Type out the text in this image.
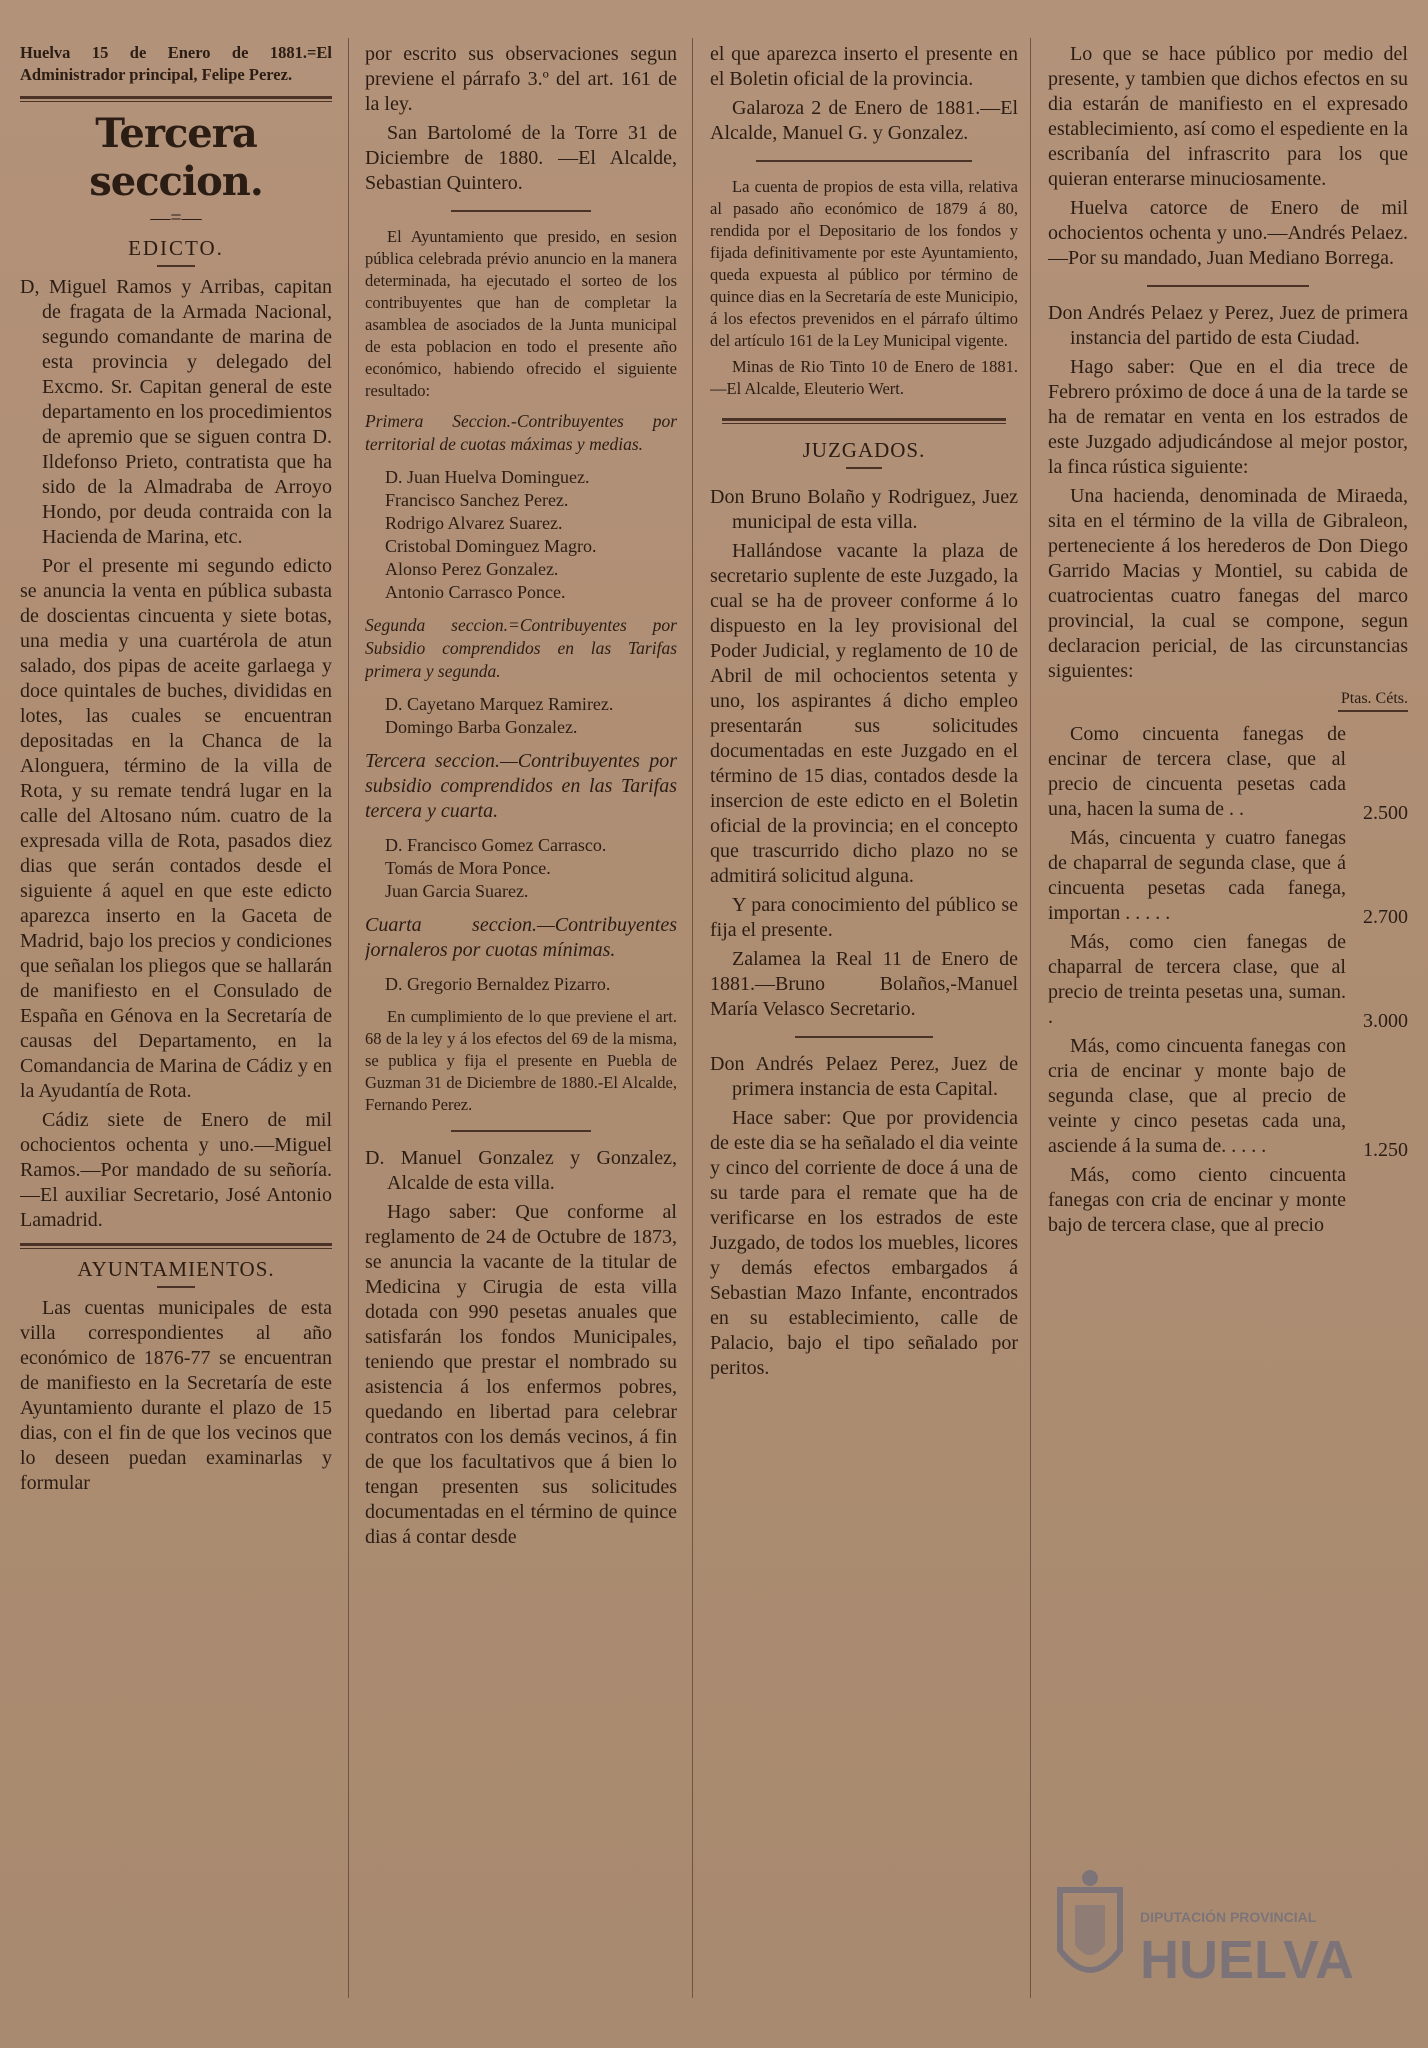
Huelva 15 de Enero de 1881.=El Administrador principal, Felipe Perez.

Tercera seccion.
—=—
EDICTO.

D, Miguel Ramos y Arribas, capitan de fragata de la Armada Nacional, segundo comandante de marina de esta provincia y delegado del Excmo. Sr. Capitan general de este departamento en los procedimientos de apremio que se siguen contra D. Ildefonso Prieto, contratista que ha sido de la Almadraba de Arroyo Hondo, por deuda contraida con la Hacienda de Marina, etc.

Por el presente mi segundo edicto se anuncia la venta en pública subasta de doscientas cincuenta y siete botas, una media y una cuartérola de atun salado, dos pipas de aceite garlaega y doce quintales de buches, divididas en lotes, las cuales se encuentran depositadas en la Chanca de la Alonguera, término de la villa de Rota, y su remate tendrá lugar en la calle del Altosano núm. cuatro de la expresada villa de Rota, pasados diez dias que serán contados desde el siguiente á aquel en que este edicto aparezca inserto en la Gaceta de Madrid, bajo los precios y condiciones que señalan los pliegos que se hallarán de manifiesto en el Consulado de España en Génova en la Secretaría de causas del Departamento, en la Comandancia de Marina de Cádiz y en la Ayudantía de Rota.

Cádiz siete de Enero de mil ochocientos ochenta y uno.—Miguel Ramos.—Por mandado de su señoría.—El auxiliar Secretario, José Antonio Lamadrid.

AYUNTAMIENTOS.

Las cuentas municipales de esta villa correspondientes al año económico de 1876-77 se encuentran de manifiesto en la Secretaría de este Ayuntamiento durante el plazo de 15 dias, con el fin de que los vecinos que lo deseen puedan examinarlas y formular

por escrito sus observaciones segun previene el párrafo 3.º del art. 161 de la ley.

San Bartolomé de la Torre 31 de Diciembre de 1880. —El Alcalde, Sebastian Quintero.

El Ayuntamiento que presido, en sesion pública celebrada prévio anuncio en la manera determinada, ha ejecutado el sorteo de los contribuyentes que han de completar la asamblea de asociados de la Junta municipal de esta poblacion en todo el presente año económico, habiendo ofrecido el siguiente resultado:

Primera Seccion.-Contribuyentes por territorial de cuotas máximas y medias.

D. Juan Huelva Dominguez.

Francisco Sanchez Perez.

Rodrigo Alvarez Suarez.

Cristobal Dominguez Magro.

Alonso Perez Gonzalez.

Antonio Carrasco Ponce.

Segunda seccion.=Contribuyentes por Subsidio comprendidos en las Tarifas primera y segunda.

D. Cayetano Marquez Ramirez.

Domingo Barba Gonzalez.

Tercera seccion.—Contribuyentes por subsidio comprendidos en las Tarifas tercera y cuarta.

D. Francisco Gomez Carrasco.

Tomás de Mora Ponce.

Juan Garcia Suarez.

Cuarta seccion.—Contribuyentes jornaleros por cuotas mínimas.

D. Gregorio Bernaldez Pizarro.

En cumplimiento de lo que previene el art. 68 de la ley y á los efectos del 69 de la misma, se publica y fija el presente en Puebla de Guzman 31 de Diciembre de 1880.-El Alcalde, Fernando Perez.

D. Manuel Gonzalez y Gonzalez, Alcalde de esta villa.

Hago saber: Que conforme al reglamento de 24 de Octubre de 1873, se anuncia la vacante de la titular de Medicina y Cirugia de esta villa dotada con 990 pesetas anuales que satisfarán los fondos Municipales, teniendo que prestar el nombrado su asistencia á los enfermos pobres, quedando en libertad para celebrar contratos con los demás vecinos, á fin de que los facultativos que á bien lo tengan presenten sus solicitudes documentadas en el término de quince dias á contar desde

el que aparezca inserto el presente en el Boletin oficial de la provincia.

Galaroza 2 de Enero de 1881.—El Alcalde, Manuel G. y Gonzalez.

La cuenta de propios de esta villa, relativa al pasado año económico de 1879 á 80, rendida por el Depositario de los fondos y fijada definitivamente por este Ayuntamiento, queda expuesta al público por término de quince dias en la Secretaría de este Municipio, á los efectos prevenidos en el párrafo último del artículo 161 de la Ley Municipal vigente.

Minas de Rio Tinto 10 de Enero de 1881.—El Alcalde, Eleuterio Wert.

JUZGADOS.

Don Bruno Bolaño y Rodriguez, Juez municipal de esta villa.

Hallándose vacante la plaza de secretario suplente de este Juzgado, la cual se ha de proveer conforme á lo dispuesto en la ley provisional del Poder Judicial, y reglamento de 10 de Abril de mil ochocientos setenta y uno, los aspirantes á dicho empleo presentarán sus solicitudes documentadas en este Juzgado en el término de 15 dias, contados desde la insercion de este edicto en el Boletin oficial de la provincia; en el concepto que trascurrido dicho plazo no se admitirá solicitud alguna.

Y para conocimiento del público se fija el presente.

Zalamea la Real 11 de Enero de 1881.—Bruno Bolaños,-Manuel María Velasco Secretario.

Don Andrés Pelaez Perez, Juez de primera instancia de esta Capital.

Hace saber: Que por providencia de este dia se ha señalado el dia veinte y cinco del corriente de doce á una de su tarde para el remate que ha de verificarse en los estrados de este Juzgado, de todos los muebles, licores y demás efectos embargados á Sebastian Mazo Infante, encontrados en su establecimiento, calle de Palacio, bajo el tipo señalado por peritos.

Lo que se hace público por medio del presente, y tambien que dichos efectos en su dia estarán de manifiesto en el expresado establecimiento, así como el espediente en la escribanía del infrascrito para los que quieran enterarse minuciosamente.

Huelva catorce de Enero de mil ochocientos ochenta y uno.—Andrés Pelaez.—Por su mandado, Juan Mediano Borrega.

Don Andrés Pelaez y Perez, Juez de primera instancia del partido de esta Ciudad.

Hago saber: Que en el dia trece de Febrero próximo de doce á una de la tarde se ha de rematar en venta en los estrados de este Juzgado adjudicándose al mejor postor, la finca rústica siguiente:

Una hacienda, denominada de Miraeda, sita en el término de la villa de Gibraleon, perteneciente á los herederos de Don Diego Garrido Macias y Montiel, su cabida de cuatrocientas cuatro fanegas del marco provincial, la cual se compone, segun declaracion pericial, de las circunstancias siguientes:

Ptas. Céts.

Como cincuenta fanegas de encinar de tercera clase, que al precio de cincuenta pesetas cada una, hacen la suma de . .	2.500

Más, cincuenta y cuatro fanegas de chaparral de segunda clase, que á cincuenta pesetas cada fanega, importan . . . . .	2.700

Más, como cien fanegas de chaparral de tercera clase, que al precio de treinta pesetas una, suman. .	3.000

Más, como cincuenta fanegas con cria de encinar y monte bajo de segunda clase, que al precio de veinte y cinco pesetas cada una, asciende á la suma de. . . . .	1.250

Más, como ciento cincuenta fanegas con cria de encinar y monte bajo de tercera clase, que al precio

DIPUTACIÓN PROVINCIAL
HUELVA
